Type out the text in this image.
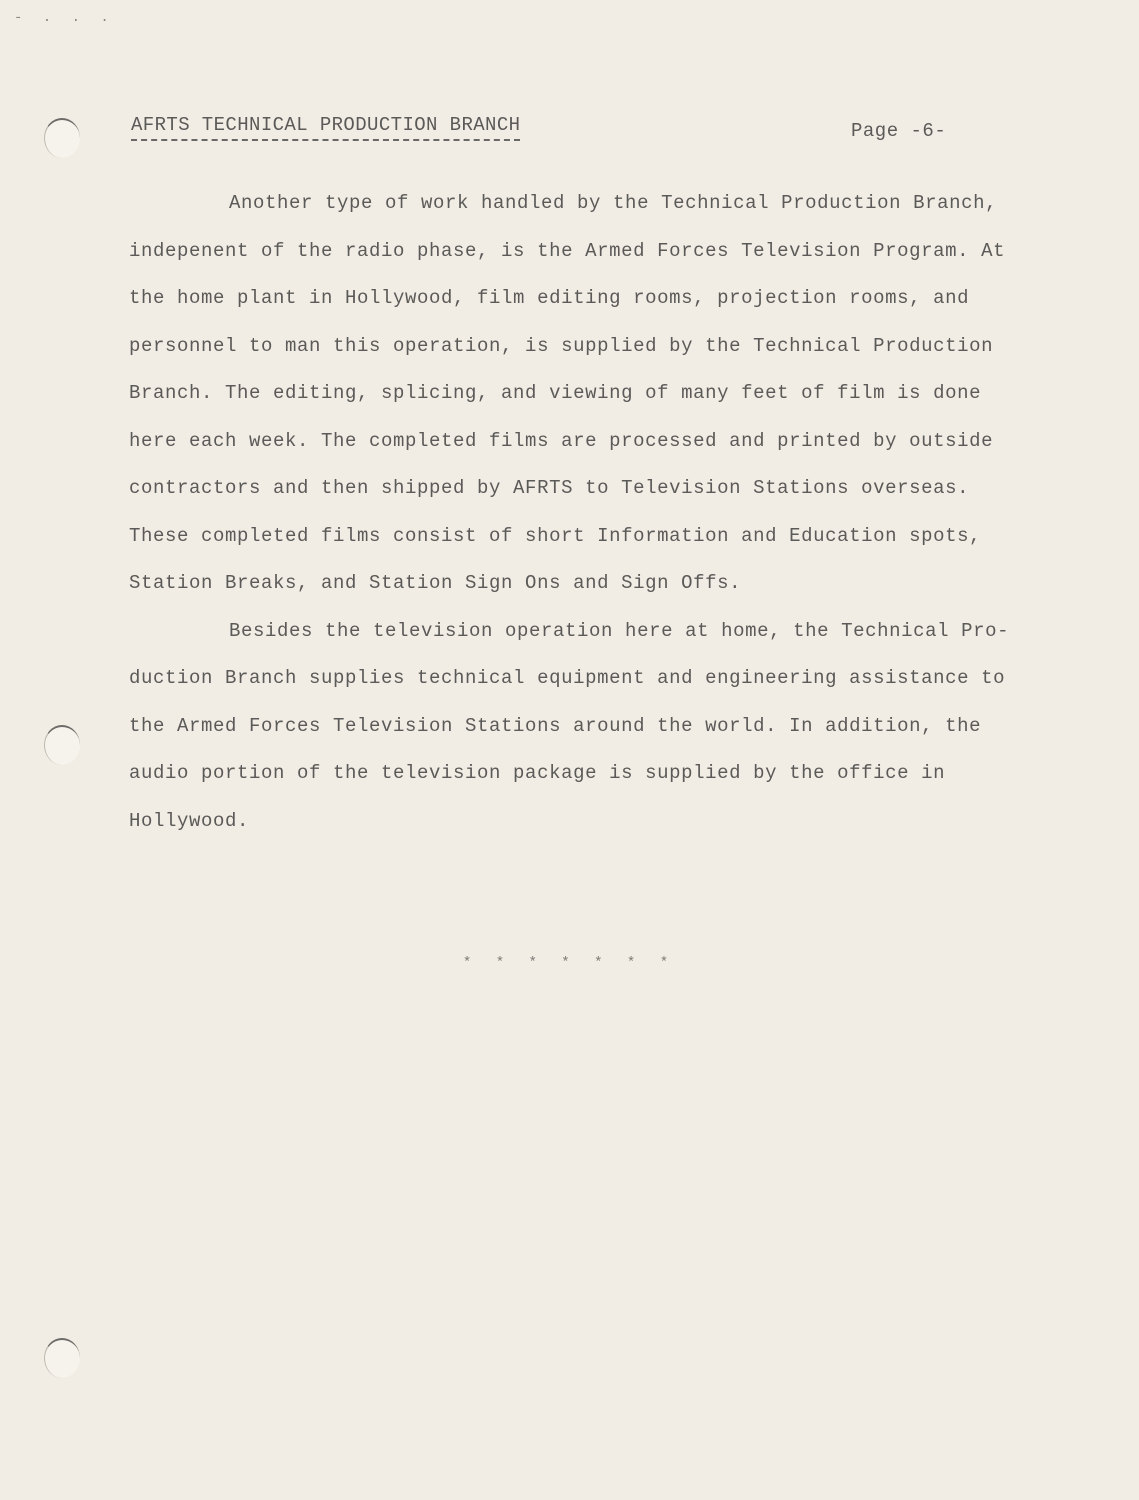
- . . .
AFRTS TECHNICAL PRODUCTION BRANCH	Page -6-
Another type of work handled by the Technical Production Branch,
indepenent of the radio phase, is the Armed Forces Television Program. At
the home plant in Hollywood, film editing rooms, projection rooms, and
personnel to man this operation, is supplied by the Technical Production
Branch. The editing, splicing, and viewing of many feet of film is done
here each week. The completed films are processed and printed by outside
contractors and then shipped by AFRTS to Television Stations overseas.
These completed films consist of short Information and Education spots,
Station Breaks, and Station Sign Ons and Sign Offs.
Besides the television operation here at home, the Technical Pro-
duction Branch supplies technical equipment and engineering assistance to
the Armed Forces Television Stations around the world. In addition, the
audio portion of the television package is supplied by the office in
Hollywood.
* * * * * * *
